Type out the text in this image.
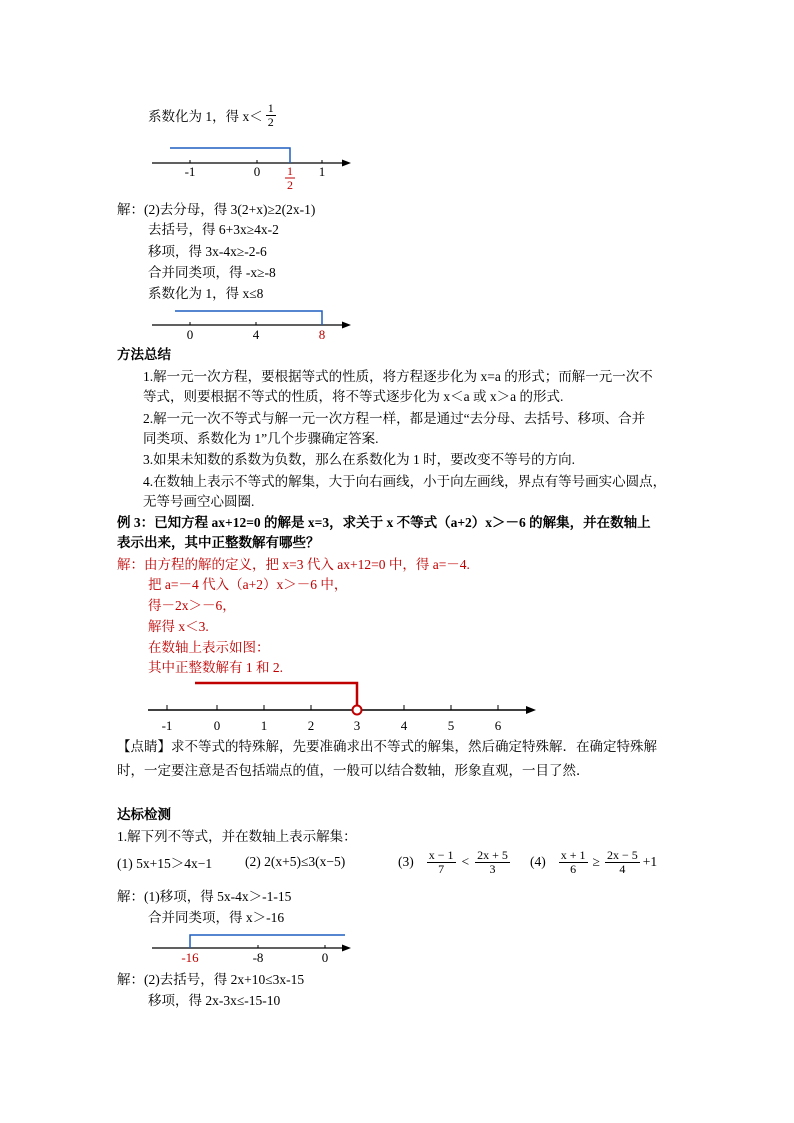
系数化为 1，得 $x< \frac{1}{2}$
-1	0	1
1
2
解：(2)去分母，得 3(2+x)≥2(2x-1)
去括号，得 6+3x≥4x-2
移项，得 3x-4x≥-2-6
合并同类项，得 -x≥-8
系数化为 1，得 x≤8
0	4	8
方法总结
1.解一元一次方程，要根据等式的性质，将方程逐步化为 x=a 的形式；而解一元一次不
等式，则要根据不等式的性质，将不等式逐步化为 x＜a 或 x＞a 的形式.
2.解一元一次不等式与解一元一次方程一样，都是通过“去分母、去括号、移项、合并
同类项、系数化为 1”几个步骤确定答案.
3.如果未知数的系数为负数，那么在系数化为 1 时，要改变不等号的方向.
4.在数轴上表示不等式的解集，大于向右画线，小于向左画线，界点有等号画实心圆点，
无等号画空心圆圈.
例 3：已知方程 ax+12=0 的解是 x=3，求关于 x 不等式（a+2）x＞－6 的解集，并在数轴上
表示出来，其中正整数解有哪些？
解：由方程的解的定义，把 x=3 代入 ax+12=0 中，得 a=－4.
把 a=－4 代入（a+2）x＞－6 中，
得－2x＞－6，
解得 x＜3.
在数轴上表示如图：
其中正整数解有 1 和 2.
-1	0	1	2	3	4	5	6
【点睛】求不等式的特殊解，先要准确求出不等式的解集，然后确定特殊解．在确定特殊解
时，一定要注意是否包括端点的值，一般可以结合数轴，形象直观，一目了然．
达标检测
1.解下列不等式，并在数轴上表示解集：
(1) 5x+15＞4x−1 (2) 2(x+5)≤3(x−5)	$(3) \frac{x - 1}{7} < \frac{2x + 5}{3} (4) \frac{x + 1}{6} \ge \frac{2x - 5}{4} +1$
解：(1)移项，得 5x-4x＞-1-15
合并同类项，得 x＞-16
-16	-8	0
解：(2)去括号，得 2x+10≤3x-15
移项，得 2x-3x≤-15-10
